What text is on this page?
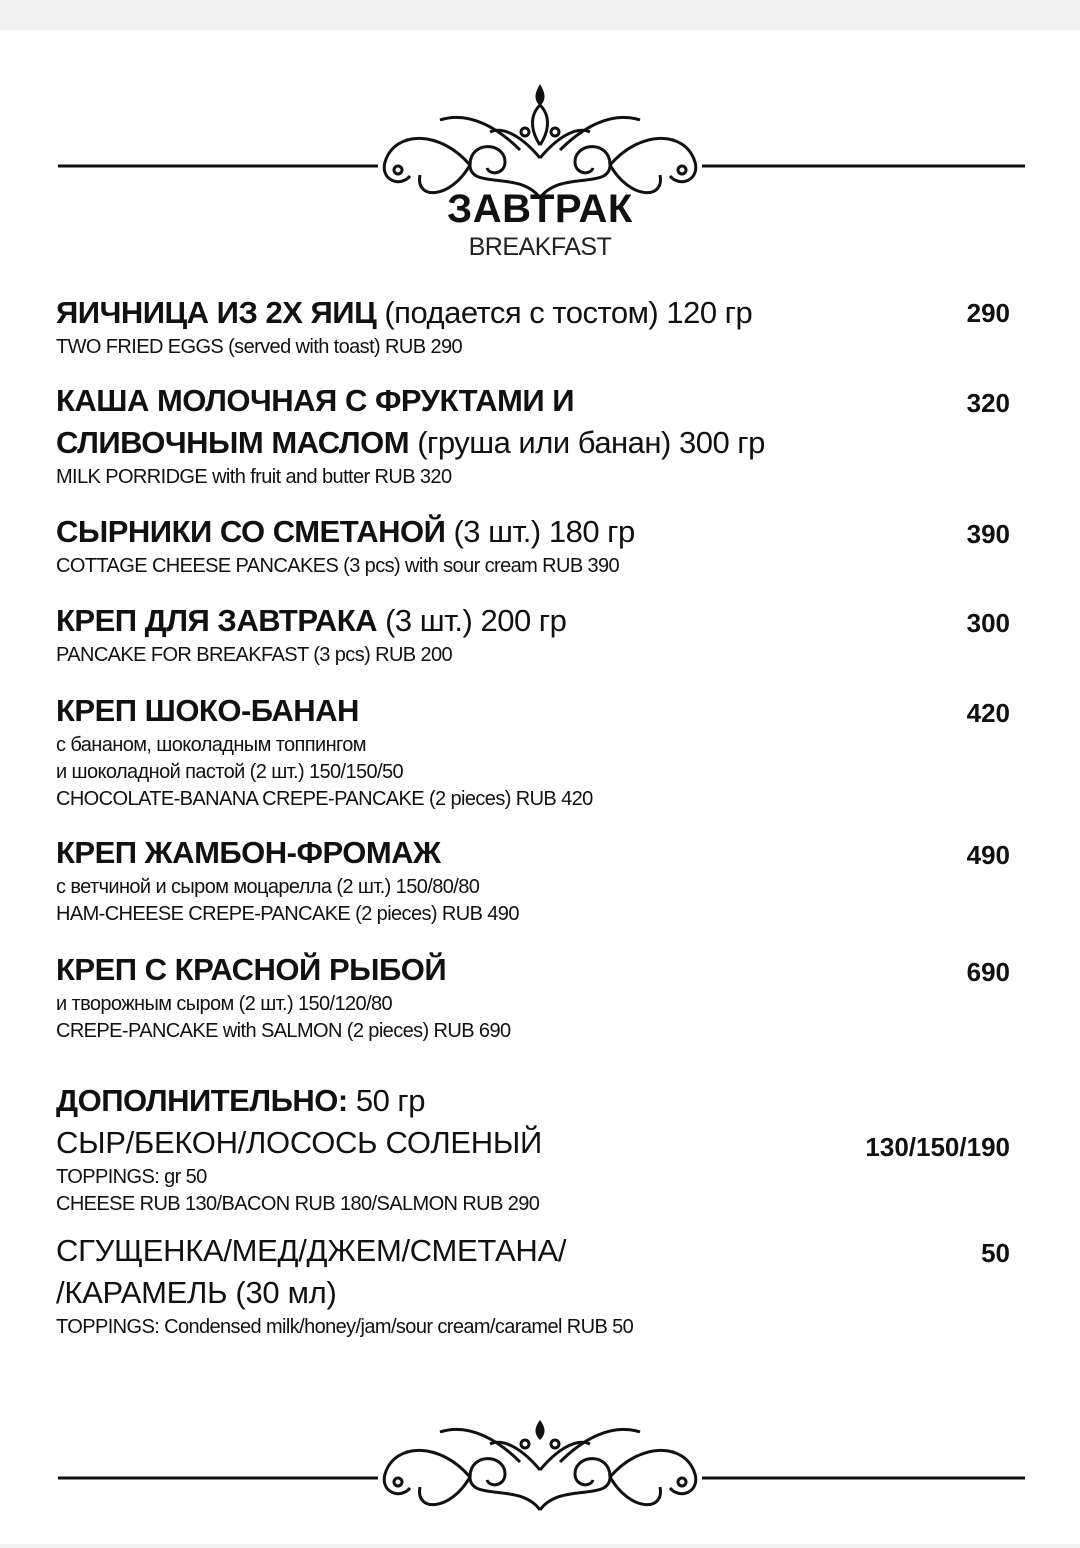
ЗАВТРАК
BREAKFAST
ЯИЧНИЦА ИЗ 2Х ЯИЦ (подается с тостом) 120 гр
TWO FRIED EGGS (served with toast) RUB 290
290
КАША МОЛОЧНАЯ С ФРУКТАМИ И
СЛИВОЧНЫМ МАСЛОМ (груша или банан) 300 гр
MILK PORRIDGE with fruit and butter RUB 320
320
СЫРНИКИ СО СМЕТАНОЙ (3 шт.) 180 гр
COTTAGE CHEESE PANCAKES (3 pcs) with sour cream RUB 390
390
КРЕП ДЛЯ ЗАВТРАКА (3 шт.) 200 гр
PANCAKE FOR BREAKFAST (3 pcs) RUB 200
300
КРЕП ШОКО-БАНАН
с бананом, шоколадным топпингом
и шоколадной пастой (2 шт.) 150/150/50
CHOCOLATE-BANANA CREPE-PANCAKE (2 pieces) RUB 420
420
КРЕП ЖАМБОН-ФРОМАЖ
с ветчиной и сыром моцарелла (2 шт.) 150/80/80
HAM-CHEESE CREPE-PANCAKE (2 pieces) RUB 490
490
КРЕП С КРАСНОЙ РЫБОЙ
и творожным сыром (2 шт.) 150/120/80
CREPE-PANCAKE with SALMON (2 pieces) RUB 690
690
ДОПОЛНИТЕЛЬНО: 50 гр
СЫР/БЕКОН/ЛОСОСЬ СОЛЕНЫЙ
TOPPINGS: gr 50
CHEESE RUB 130/BACON RUB 180/SALMON RUB 290
130/150/190
СГУЩЕНКА/МЕД/ДЖЕМ/СМЕТАНА/
/КАРАМЕЛЬ (30 мл)
TOPPINGS: Condensed milk/honey/jam/sour cream/caramel RUB 50
50
